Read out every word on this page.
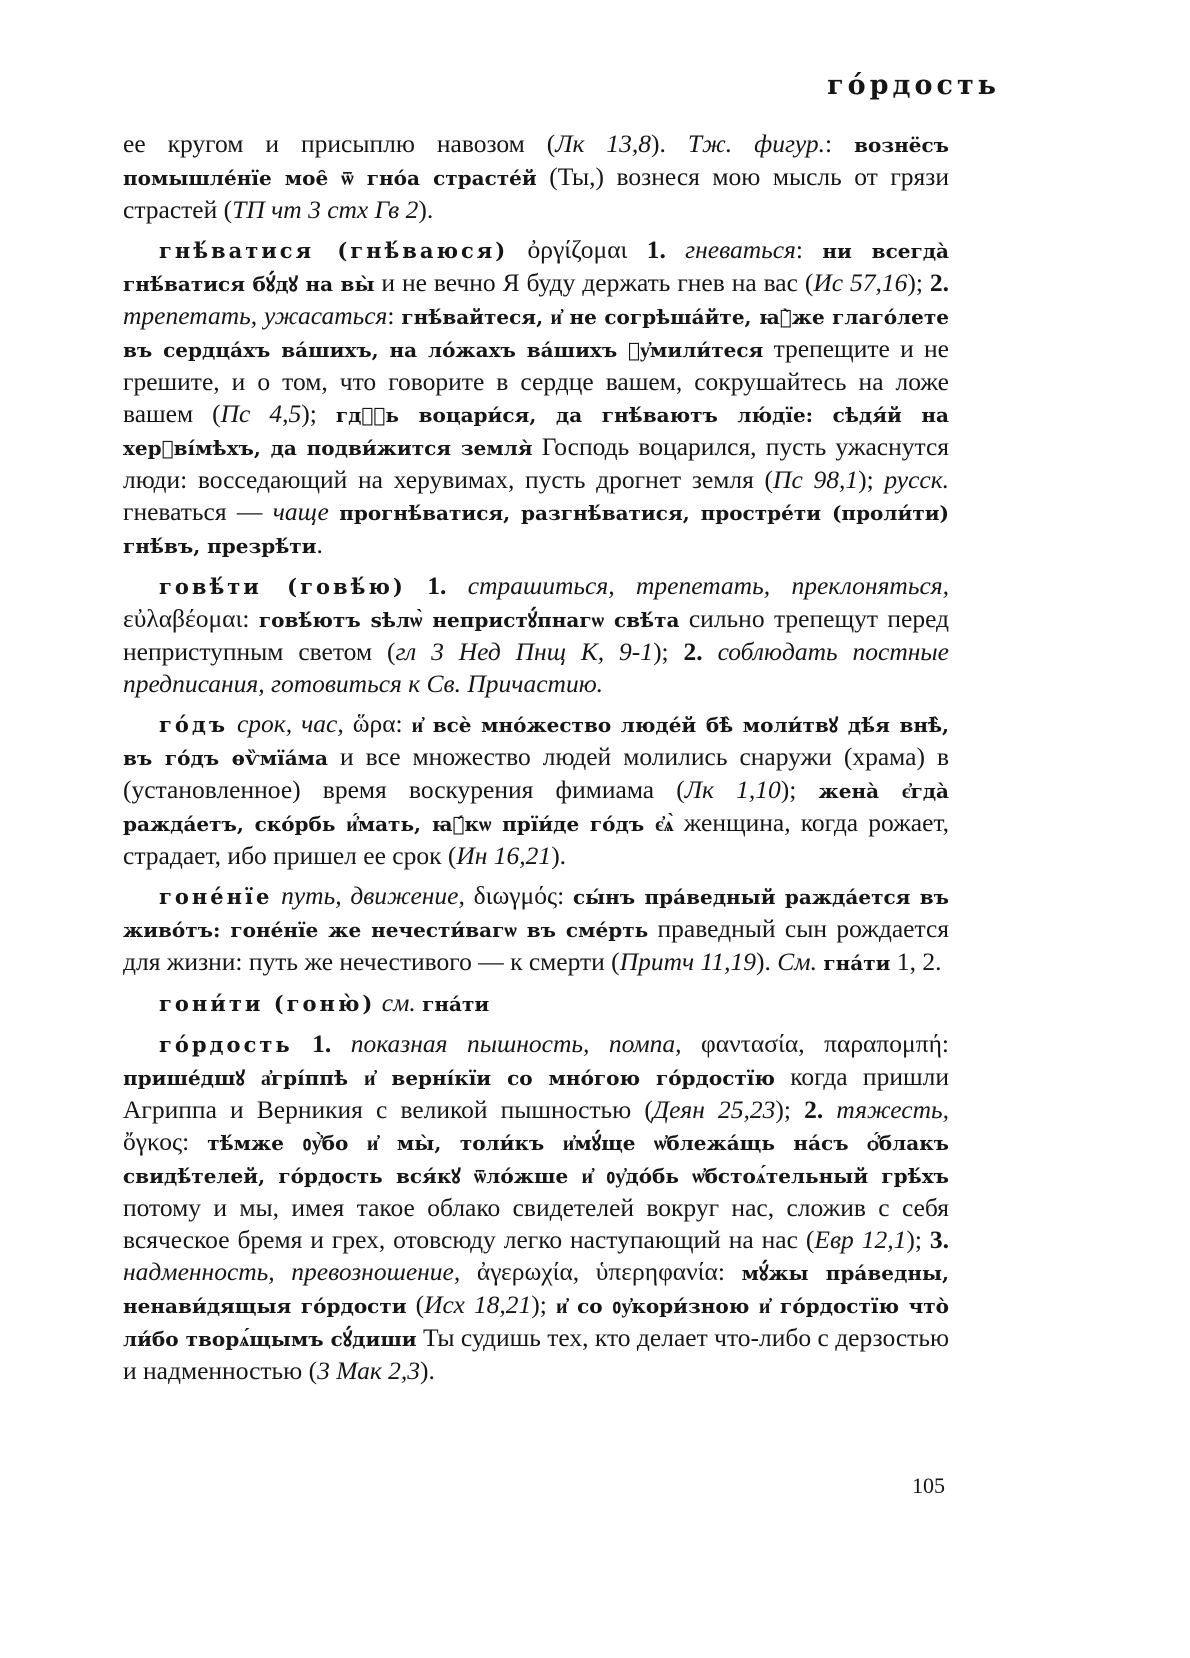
го́рдость

ее кругом и присыплю навозом (Лк 13,8). Тж. фигур.: вознёсъ помышле́нїе мое̑ ѿ гно́а страсте́й (Ты,) вознеся мою мысль от грязи страстей (ТП чт 3 стх Гв 2).

гнѣ́ватися (гнѣ́ваюся) ὀργίζομαι 1. гневаться: ни всегда̀ гнѣ́ватися бꙋ́дꙋ на вы̀ и не вечно Я буду держать гнев на вас (Ис 57,16); 2. трепетать, ужасаться: гнѣ́вайтеся, и҆ не согрѣша́йте, ꙗ҆̀же глаго́лете въ сердца́хъ ва́шихъ, на ло́жахъ ва́шихъ ᲂу҆мили́теся трепещите и не грешите, и о том, что говорите в сердце вашем, сокрушайтесь на ложе вашем (Пс 4,5); гдⷭ҇ь воцари́ся, да гнѣ́ваютъ лю́дїе: сѣдя́й на херꙋві́мѣхъ, да подви́жится земля̀ Господь воцарился, пусть ужаснутся люди: восседающий на херувимах, пусть дрогнет земля (Пс 98,1); русск. гневаться — чаще прогнѣ́ватися, разгнѣ́ватися, простре́ти (проли́ти) гнѣ́въ, презрѣ́ти.

говѣ́ти (говѣ́ю) 1. страшиться, трепетать, преклоняться, εὐλαβέομαι: говѣ́ютъ ѕѣлѡ̀ непристꙋ́пнагѡ свѣ́та сильно трепещут перед неприступным светом (гл 3 Нед Пнщ К, 9-1); 2. соблюдать постные предписания, готовиться к Св. Причастию.

го́дъ срок, час, ὥρα: и҆ всѐ мно́жество люде́й бѣ̀ моли́твꙋ дѣ́я внѣ̀, въ го́дъ ѳѷмїа́ма и все множество людей молились снаружи (храма) в (установленное) время воскурения фимиама (Лк 1,10); жена̀ є҆гда̀ ражда́етъ, ско́рбь и҆́мать, ꙗ҆́кѡ прїи́де го́дъ є҆ѧ̀ женщина, когда рожает, страдает, ибо пришел ее срок (Ин 16,21).

гоне́нїе путь, движение, διωγμός: сы́нъ пра́ведный ражда́ется въ живо́тъ: гоне́нїе же нечести́вагѡ въ сме́рть праведный сын рождается для жизни: путь же нечестивого — к смерти (Притч 11,19). См. гна́ти 1, 2.

гони́ти (гоню̀) см. гна́ти

го́рдость 1. показная пышность, помпа, φαντασία, παραπομπή: прише́дшꙋ а҆грі́ппѣ и҆ верні́кїи со мно́гою го́рдостїю когда пришли Агриппа и Верникия с великой пышностью (Деян 25,23); 2. тяжесть, ὄγκος: тѣ́мже ᲂу҆̀бо и҆ мы̀, толи́къ и҆мꙋ́ще ѡ҆блежа́щь на́съ ѻ҆́блакъ свидѣ́телей, го́рдость вся́кꙋ ѿло́жше и҆ ᲂу҆до́бь ѡ҆бстоѧ́тельный грѣ́хъ потому и мы, имея такое облако свидетелей вокруг нас, сложив с себя всяческое бремя и грех, отовсюду легко наступающий на нас (Евр 12,1); 3. надменность, превозношение, ἀγερωχία, ὑπερηφανία: мꙋ́жы пра́ведны, ненави́дящыя го́рдости (Исх 18,21); и҆ со ᲂу҆кори́зною и҆ го́рдостїю что̀ ли́бо творѧ́щымъ сꙋ́диши Ты судишь тех, кто делает что-либо с дерзостью и надменностью (3 Мак 2,3).

105
